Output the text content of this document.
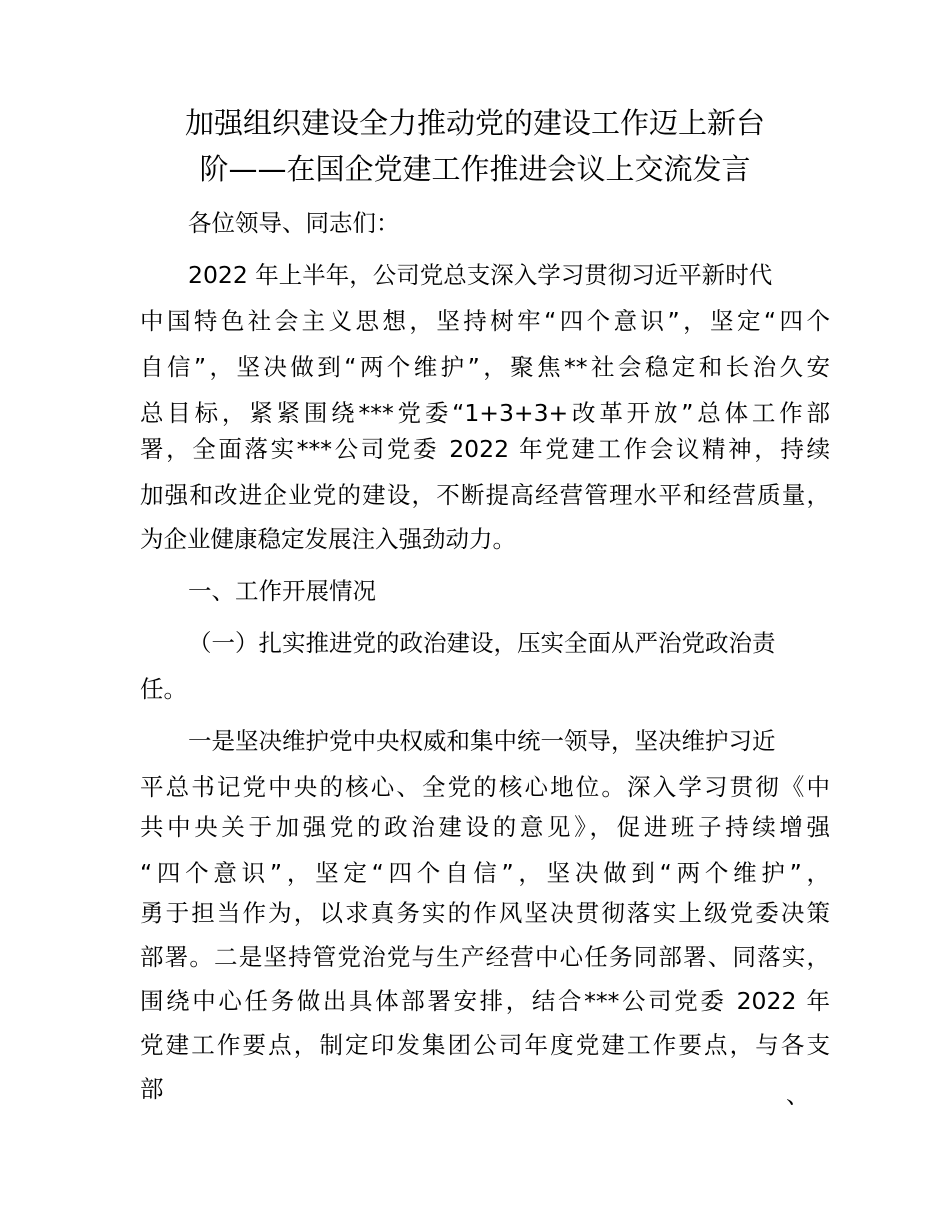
加强组织建设全力推动党的建设工作迈上新台
阶——在国企党建工作推进会议上交流发言
各位领导、同志们：
2022 年上半年，公司党总支深入学习贯彻习近平新时代
中国特色社会主义思想，坚持树牢“四个意识”，坚定“四个
自信”，坚决做到“两个维护”，聚焦**社会稳定和长治久安
总目标，紧紧围绕***党委“1+3+3+改革开放”总体工作部
署，全面落实***公司党委 2022 年党建工作会议精神，持续
加强和改进企业党的建设，不断提高经营管理水平和经营质量，
为企业健康稳定发展注入强劲动力。
一、工作开展情况
（一）扎实推进党的政治建设，压实全面从严治党政治责
任。
一是坚决维护党中央权威和集中统一领导，坚决维护习近
平总书记党中央的核心、全党的核心地位。深入学习贯彻《中
共中央关于加强党的政治建设的意见》，促进班子持续增强
“四个意识”，坚定“四个自信”，坚决做到“两个维护”，
勇于担当作为，以求真务实的作风坚决贯彻落实上级党委决策
部署。二是坚持管党治党与生产经营中心任务同部署、同落实，
围绕中心任务做出具体部署安排，结合***公司党委 2022 年
党建工作要点，制定印发集团公司年度党建工作要点，与各支
部	、
